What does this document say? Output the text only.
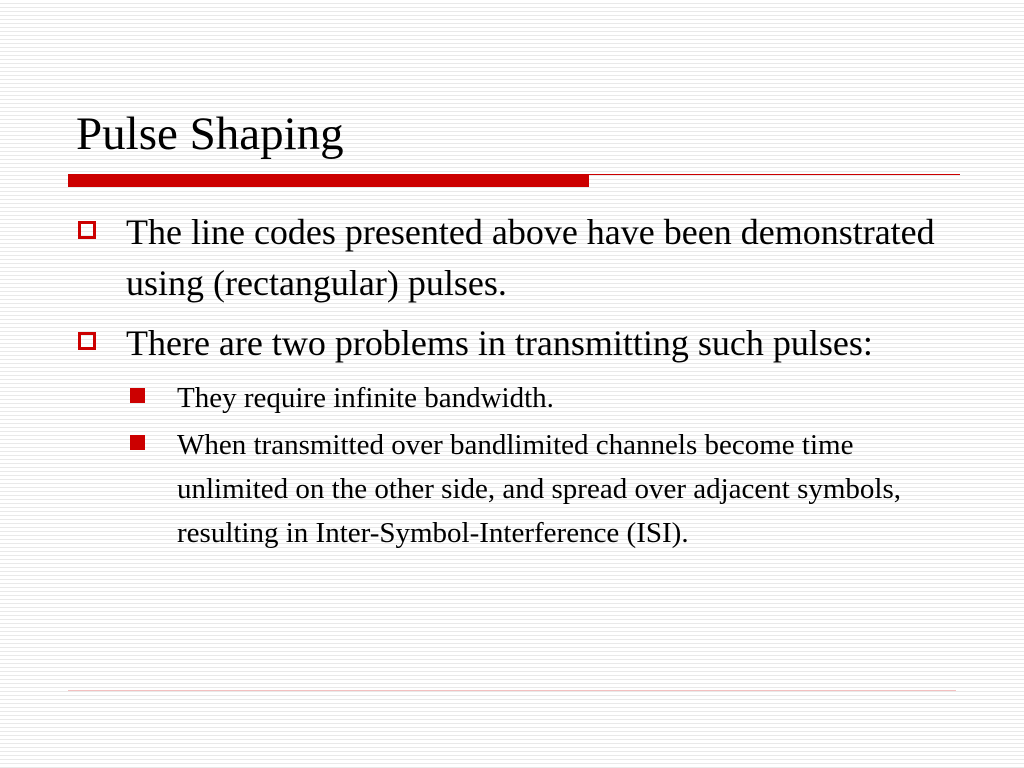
Pulse Shaping
The line codes presented above have been demonstrated using (rectangular) pulses.
There are two problems in transmitting such pulses:
They require infinite bandwidth.
When transmitted over bandlimited channels become time unlimited on the other side, and spread over adjacent symbols, resulting in Inter-Symbol-Interference (ISI).
